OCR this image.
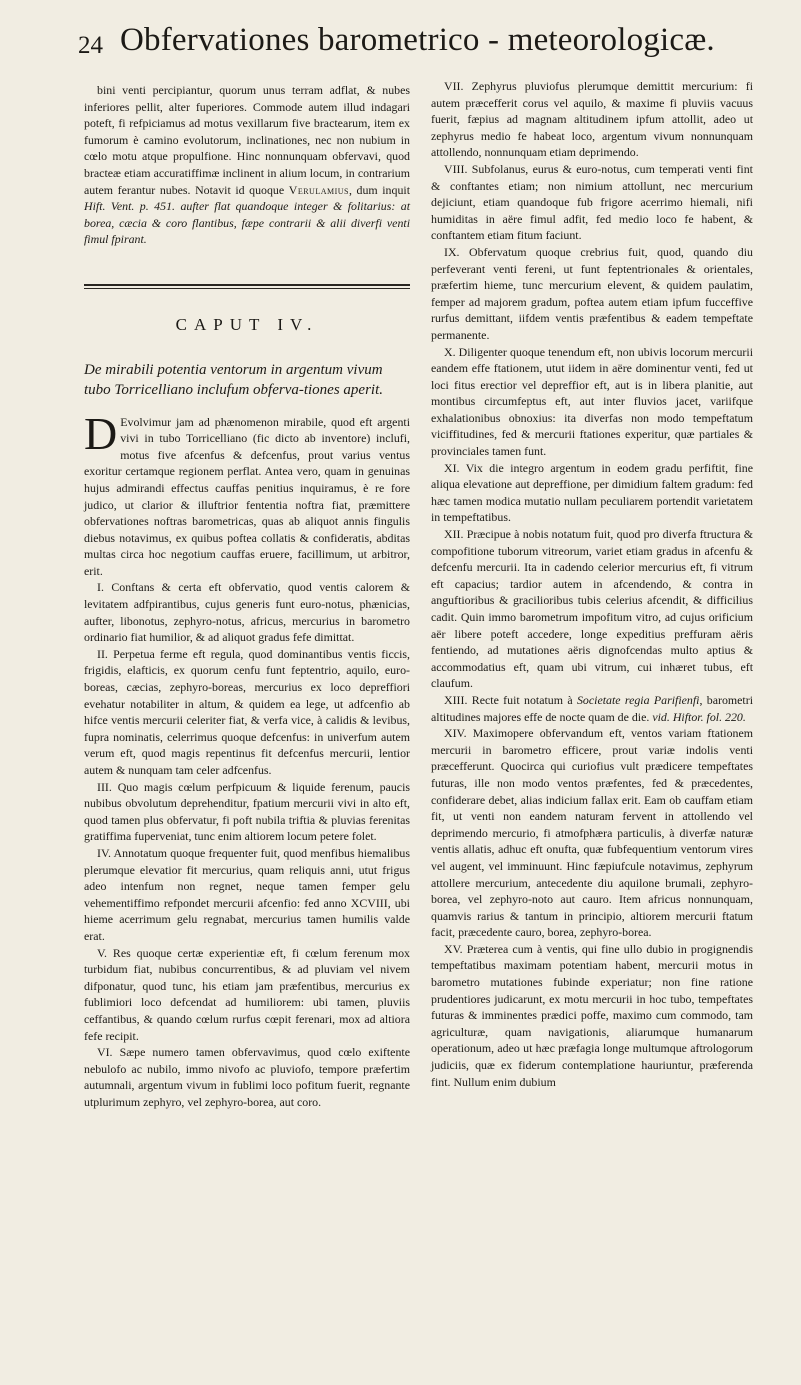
24 Obfervationes barometrico - meteorologicæ.

bini venti percipiantur, quorum unus terram adflat, & nubes inferiores pellit, alter fuperiores. Commode autem illud indagari poteft, fi refpiciamus ad motus vexillarum five bractearum, item ex fumorum è camino evolutorum, inclinationes, nec non nubium in cœlo motu atque propulfione. Hinc nonnunquam obfervavi, quod bracteæ etiam accuratiffimæ inclinent in alium locum, in contrarium autem ferantur nubes. Notavit id quoque Verulamius, dum inquit Hift. Vent. p. 451. aufter flat quandoque integer & folitarius: at borea, cæcia & coro flantibus, fæpe contrarii & alii diverfi venti fimul fpirant.

CAPUT IV.
De mirabili potentia ventorum in argentum vivum tubo Torricelliano inclufum obferva-tiones aperit.

D Evolvimur jam ad phænomenon mirabile, quod eft argenti vivi in tubo Torricelliano (fic dicto ab inventore) inclufi, motus five afcenfus & defcenfus, prout varius ventus exoritur certamque regionem perflat. Antea vero, quam in genuinas hujus admirandi effectus cauffas penitius inquiramus, è re fore judico, ut clarior & illuftrior fententia noftra fiat, præmittere obfervationes noftras barometricas, quas ab aliquot annis fingulis diebus notavimus, ex quibus poftea collatis & confideratis, abditas multas circa hoc negotium cauffas eruere, facillimum, ut arbitror, erit.

I. Conftans & certa eft obfervatio, quod ventis calorem & levitatem adfpirantibus, cujus generis funt euro-notus, phænicias, aufter, libonotus, zephyro-notus, africus, mercurius in barometro ordinario fiat humilior, & ad aliquot gradus fefe dimittat.

II. Perpetua ferme eft regula, quod dominantibus ventis ficcis, frigidis, elafticis, ex quorum cenfu funt feptentrio, aquilo, euro-boreas, cæcias, zephyro-boreas, mercurius ex loco depreffiori evehatur notabiliter in altum, & quidem ea lege, ut adfcenfio ab hifce ventis mercurii celeriter fiat, & verfa vice, à calidis & levibus, fupra nominatis, celerrimus quoque defcenfus: in univerfum autem verum eft, quod magis repentinus fit defcenfus mercurii, lentior autem & nunquam tam celer adfcenfus.

III. Quo magis cœlum perfpicuum & liquide ferenum, paucis nubibus obvolutum deprehenditur, fpatium mercurii vivi in alto eft, quod tamen plus obfervatur, fi poft nubila triftia & pluvias ferenitas gratiffima fuperveniat, tunc enim altiorem locum petere folet.

IV. Annotatum quoque frequenter fuit, quod menfibus hiemalibus plerumque elevatior fit mercurius, quam reliquis anni, utut frigus adeo intenfum non regnet, neque tamen femper gelu vehementiffimo refpondet mercurii afcenfio: fed anno XCVIII, ubi hieme acerrimum gelu regnabat, mercurius tamen humilis valde erat.

V. Res quoque certæ experientiæ eft, fi cœlum ferenum mox turbidum fiat, nubibus concurrentibus, & ad pluviam vel nivem difponatur, quod tunc, his etiam jam præfentibus, mercurius ex fublimiori loco defcendat ad humiliorem: ubi tamen, pluviis ceffantibus, & quando cœlum rurfus cœpit ferenari, mox ad altiora fefe recipit.

VI. Sæpe numero tamen obfervavimus, quod cœlo exiftente nebulofo ac nubilo, immo nivofo ac pluviofo, tempore præfertim autumnali, argentum vivum in fublimi loco pofitum fuerit, regnante utplurimum zephyro, vel zephyro-borea, aut coro.

VII. Zephyrus pluviofus plerumque demittit mercurium: fi autem præcefferit corus vel aquilo, & maxime fi pluviis vacuus fuerit, fæpius ad magnam altitudinem ipfum attollit, adeo ut zephyrus medio fe habeat loco, argentum vivum nonnunquam attollendo, nonnunquam etiam deprimendo.

VIII. Subfolanus, eurus & euro-notus, cum temperati venti fint & conftantes etiam; non nimium attollunt, nec mercurium dejiciunt, etiam quandoque fub frigore acerrimo hiemali, nifi humiditas in aëre fimul adfit, fed medio loco fe habent, & conftantem etiam fitum faciunt.

IX. Obfervatum quoque crebrius fuit, quod, quando diu perfeverant venti fereni, ut funt feptentrionales & orientales, præfertim hieme, tunc mercurium elevent, & quidem paulatim, femper ad majorem gradum, poftea autem etiam ipfum fucceffive rurfus demittant, iifdem ventis præfentibus & eadem tempeftate permanente.

X. Diligenter quoque tenendum eft, non ubivis locorum mercurii eandem effe ftationem, utut iidem in aëre dominentur venti, fed ut loci fitus erectior vel depreffior eft, aut is in libera planitie, aut montibus circumfeptus eft, aut inter fluvios jacet, variifque exhalationibus obnoxius: ita diverfas non modo tempeftatum viciffitudines, fed & mercurii ftationes experitur, quæ partiales & provinciales tamen funt.

XI. Vix die integro argentum in eodem gradu perfiftit, fine aliqua elevatione aut depreffione, per dimidium faltem gradum: fed hæc tamen modica mutatio nullam peculiarem portendit varietatem in tempeftatibus.

XII. Præcipue à nobis notatum fuit, quod pro diverfa ftructura & compofitione tuborum vitreorum, variet etiam gradus in afcenfu & defcenfu mercurii. Ita in cadendo celerior mercurius eft, fi vitrum eft capacius; tardior autem in afcendendo, & contra in anguftioribus & gracilioribus tubis celerius afcendit, & difficilius cadit. Quin immo barometrum impofitum vitro, ad cujus orificium aër libere poteft accedere, longe expeditius preffuram aëris fentiendo, ad mutationes aëris dignofcendas multo aptius & accommodatius eft, quam ubi vitrum, cui inhæret tubus, eft claufum.

XIII. Recte fuit notatum à Societate regia Parifienfi, barometri altitudines majores effe de nocte quam de die. vid. Hiftor. fol. 220.

XIV. Maximopere obfervandum eft, ventos variam ftationem mercurii in barometro efficere, prout variæ indolis venti præcefferunt. Quocirca qui curiofius vult prædicere tempeftates futuras, ille non modo ventos præfentes, fed & præcedentes, confiderare debet, alias indicium fallax erit. Eam ob cauffam etiam fit, ut venti non eandem naturam fervent in attollendo vel deprimendo mercurio, fi atmofphæra particulis, à diverfæ naturæ ventis allatis, adhuc eft onufta, quæ fubfequentium ventorum vires vel augent, vel imminuunt. Hinc fæpiufcule notavimus, zephyrum attollere mercurium, antecedente diu aquilone brumali, zephyro-borea, vel zephyro-noto aut cauro. Item africus nonnunquam, quamvis rarius & tantum in principio, altiorem mercurii ftatum facit, præcedente cauro, borea, zephyro-borea.

XV. Præterea cum à ventis, qui fine ullo dubio in progignendis tempeftatibus maximam potentiam habent, mercurii motus in barometro mutationes fubinde experiatur; non fine ratione prudentiores judicarunt, ex motu mercurii in hoc tubo, tempeftates futuras & imminentes prædici poffe, maximo cum commodo, tam agriculturæ, quam navigationis, aliarumque humanarum operationum, adeo ut hæc præfagia longe multumque aftrologorum judiciis, quæ ex fiderum contemplatione hauriuntur, præferenda fint. Nullum enim dubium
